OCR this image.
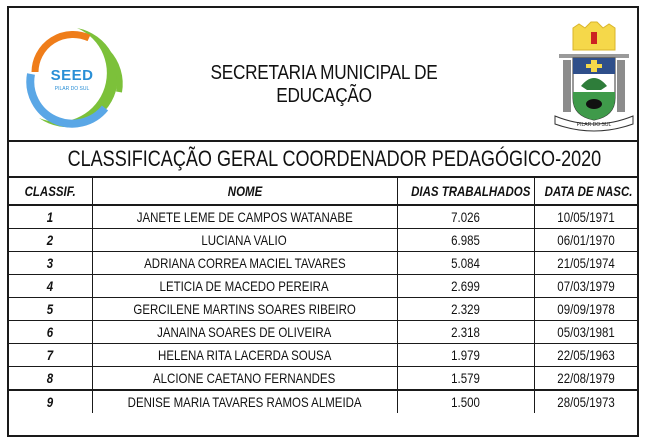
SEED
PILAR DO SUL
SECRETARIA MUNICIPAL DE EDUCAÇÃO
PILAR DO SUL
CLASSIFICAÇÃO GERAL COORDENADOR PEDAGÓGICO-2020
CLASSIF.	NOME	DIAS TRABALHADOS	DATA DE NASC.
1	JANETE LEME DE CAMPOS WATANABE	7.026	10/05/1971
2	LUCIANA VALIO	6.985	06/01/1970
3	ADRIANA CORREA MACIEL TAVARES	5.084	21/05/1974
4	LETICIA DE MACEDO PEREIRA	2.699	07/03/1979
5	GERCILENE MARTINS SOARES RIBEIRO	2.329	09/09/1978
6	JANAINA SOARES DE OLIVEIRA	2.318	05/03/1981
7	HELENA RITA LACERDA SOUSA	1.979	22/05/1963
8	ALCIONE CAETANO FERNANDES	1.579	22/08/1979
9	DENISE MARIA TAVARES RAMOS ALMEIDA	1.500	28/05/1973
